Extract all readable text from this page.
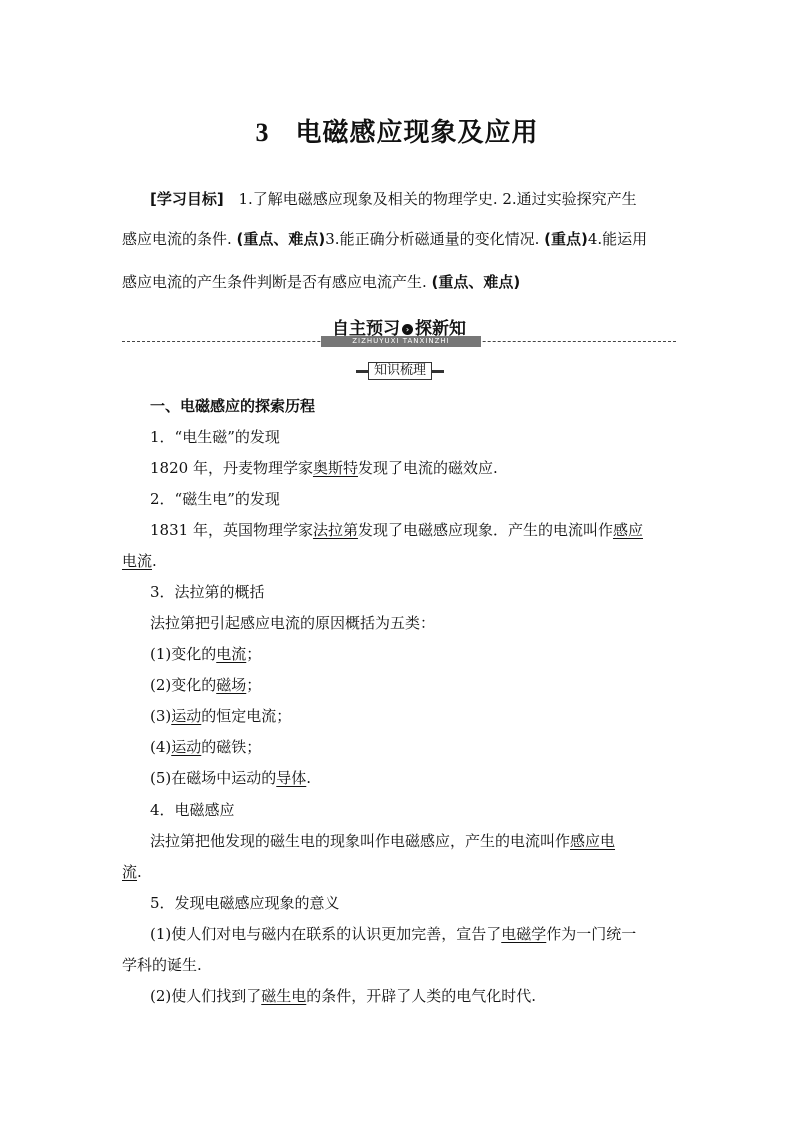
3 电磁感应现象及应用
[学习目标] 1.了解电磁感应现象及相关的物理学史. 2.通过实验探究产生
感应电流的条件. (重点、难点)3.能正确分析磁通量的变化情况. (重点)4.能运用
感应电流的产生条件判断是否有感应电流产生. (重点、难点)
ZIZHUYUXI TANXINZHI
自主预习 › 探新知
知识梳理
一、电磁感应的探索历程
1．“电生磁”的发现
1820 年，丹麦物理学家奥斯特发现了电流的磁效应.
2．“磁生电”的发现
1831 年，英国物理学家法拉第发现了电磁感应现象．产生的电流叫作感应
电流.
3．法拉第的概括
法拉第把引起感应电流的原因概括为五类：
(1)变化的电流；
(2)变化的磁场；
(3)运动的恒定电流；
(4)运动的磁铁；
(5)在磁场中运动的导体.
4．电磁感应
法拉第把他发现的磁生电的现象叫作电磁感应，产生的电流叫作感应电
流.
5．发现电磁感应现象的意义
(1)使人们对电与磁内在联系的认识更加完善，宣告了电磁学作为一门统一
学科的诞生.
(2)使人们找到了磁生电的条件，开辟了人类的电气化时代.
